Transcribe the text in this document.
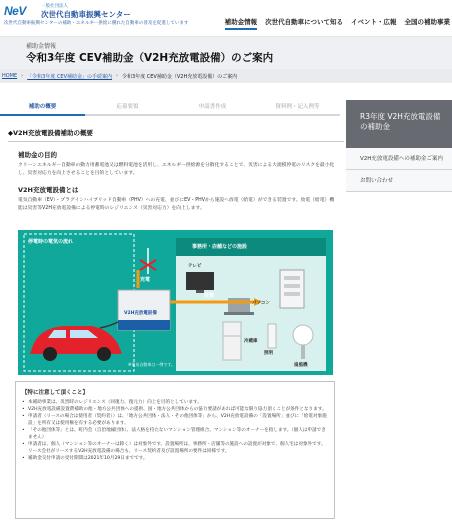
NeV	一般社団法人
次世代自動車振興センター
次世代自動車振興センターの補助・エネルギー供給に優れた自動車の普及を促進しています	補助金情報 次世代自動車について知る イベント・広報 全国の補助事業
補助金情報
令和3年度 CEV補助金（V2H充放電設備）のご案内
HOME › 「令和3年度 CEV補助金」の手続案内 › 令和3年度 CEV補助金（V2H充放電設備）のご案内
補助の概要	応募要領	申請書作成	資料例・記入例等
R3年度 V2H充放電設備の補助金
V2H充放電設備への補助金ご案内
お問い合わせ
◆V2H充放電設備補助の概要
補助金の目的

クリーンエネルギー自動車の動力用蓄電池又は燃料電池を活用し、エネルギー供給源を分散化することで、災害による大規模停電のリスクを最小化し、災害対応力を向上させることを目的としています。

V2H充放電設備とは

電気自動車（EV）・プラグインハイブリッド自動車（PHV）への充電、並びにEV・PHVから施設へ放電（給電）ができる装置です。放電（給電）機能は災害等V2H充放電設備による停電時のレジリエンス（災害対応力）を向上します。

停電時の電気の流れ
事務所・店舗などの施設
充電
放電
V2H充放電設備
テレビ
パソコン
冷蔵庫
照明
扇風機
※電気自動車は一例です。
【特に注意して頂くこと】
• 本補助事業は、災害時のレジリエンス（回復力、復元力）向上を目的としています。
• V2H充放電設備設置費補助の他・地方公共団体への提供、国・地方公共団体からの協力要請があれば可能な限り協力頂くことが条件となります。
• 申請者（リースの場合は使用者（契約者））は、「地方公共団体・法人・その他団体等」から、V2H充放電設備の「設置場所」並びに「給電対象施設」を所有又は使用権を有する必要があります。
• 「その他団体等」とは、町内会（自治地縁団体）、法人格を持たないマンション管理組合、マンション等のオーナーを指します。（個人は申請できません）
• 申請者は、個人（マンション等のオーナーは除く）は対象外です。設置場所は、事務所・店舗等の施設への設置が対象で、個人宅は対象外です。リース会社がリースするV2H充放電設備の場合も、リース契約者及び設置場所の要件は同様です。
• 補助金交付申請の受付期間は2021年10月29日までです。
